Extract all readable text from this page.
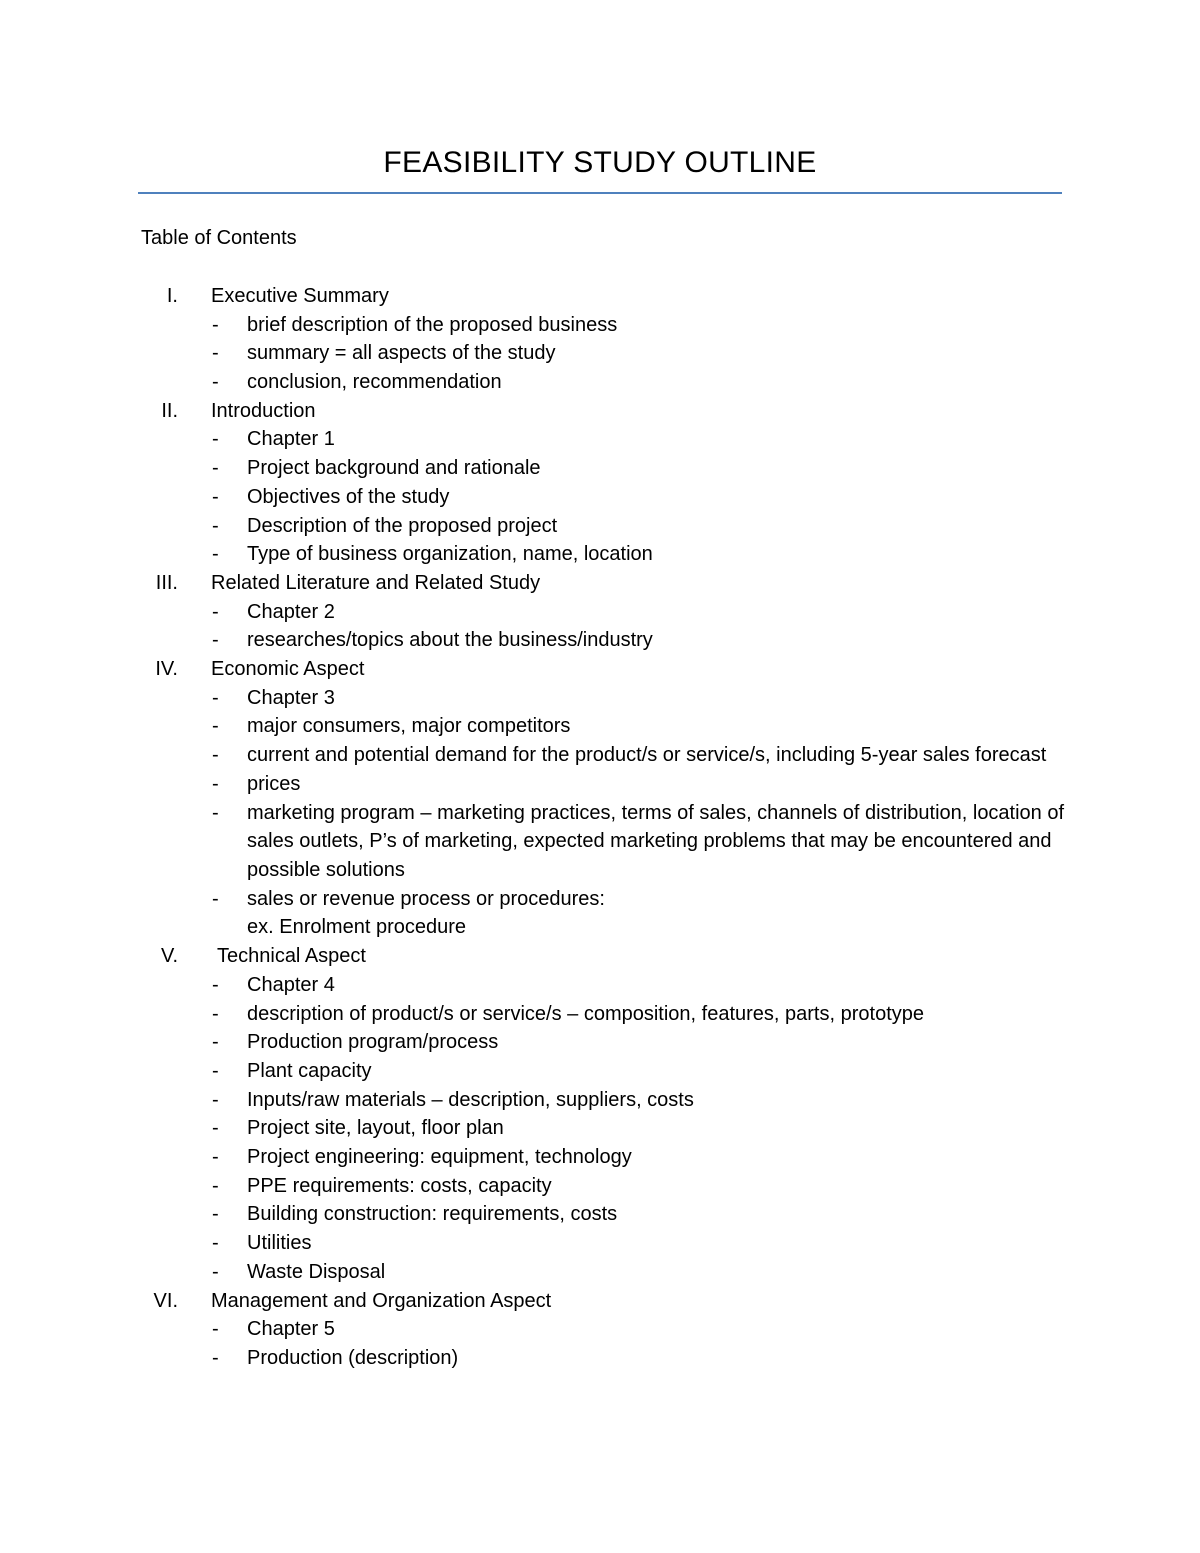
FEASIBILITY STUDY OUTLINE
Table of Contents
I. Executive Summary
- brief description of the proposed business
- summary = all aspects of the study
- conclusion, recommendation
II. Introduction
- Chapter 1
- Project background and rationale
- Objectives of the study
- Description of the proposed project
- Type of business organization, name, location
III. Related Literature and Related Study
- Chapter 2
- researches/topics about the business/industry
IV. Economic Aspect
- Chapter 3
- major consumers, major competitors
- current and potential demand for the product/s or service/s, including 5-year sales forecast
- prices
- marketing program – marketing practices, terms of sales, channels of distribution, location of sales outlets, P’s of marketing, expected marketing problems that may be encountered and possible solutions
- sales or revenue process or procedures:
ex. Enrolment procedure
V. Technical Aspect
- Chapter 4
- description of product/s or service/s – composition, features, parts, prototype
- Production program/process
- Plant capacity
- Inputs/raw materials – description, suppliers, costs
- Project site, layout, floor plan
- Project engineering: equipment, technology
- PPE requirements: costs, capacity
- Building construction: requirements, costs
- Utilities
- Waste Disposal
VI. Management and Organization Aspect
- Chapter 5
- Production (description)
